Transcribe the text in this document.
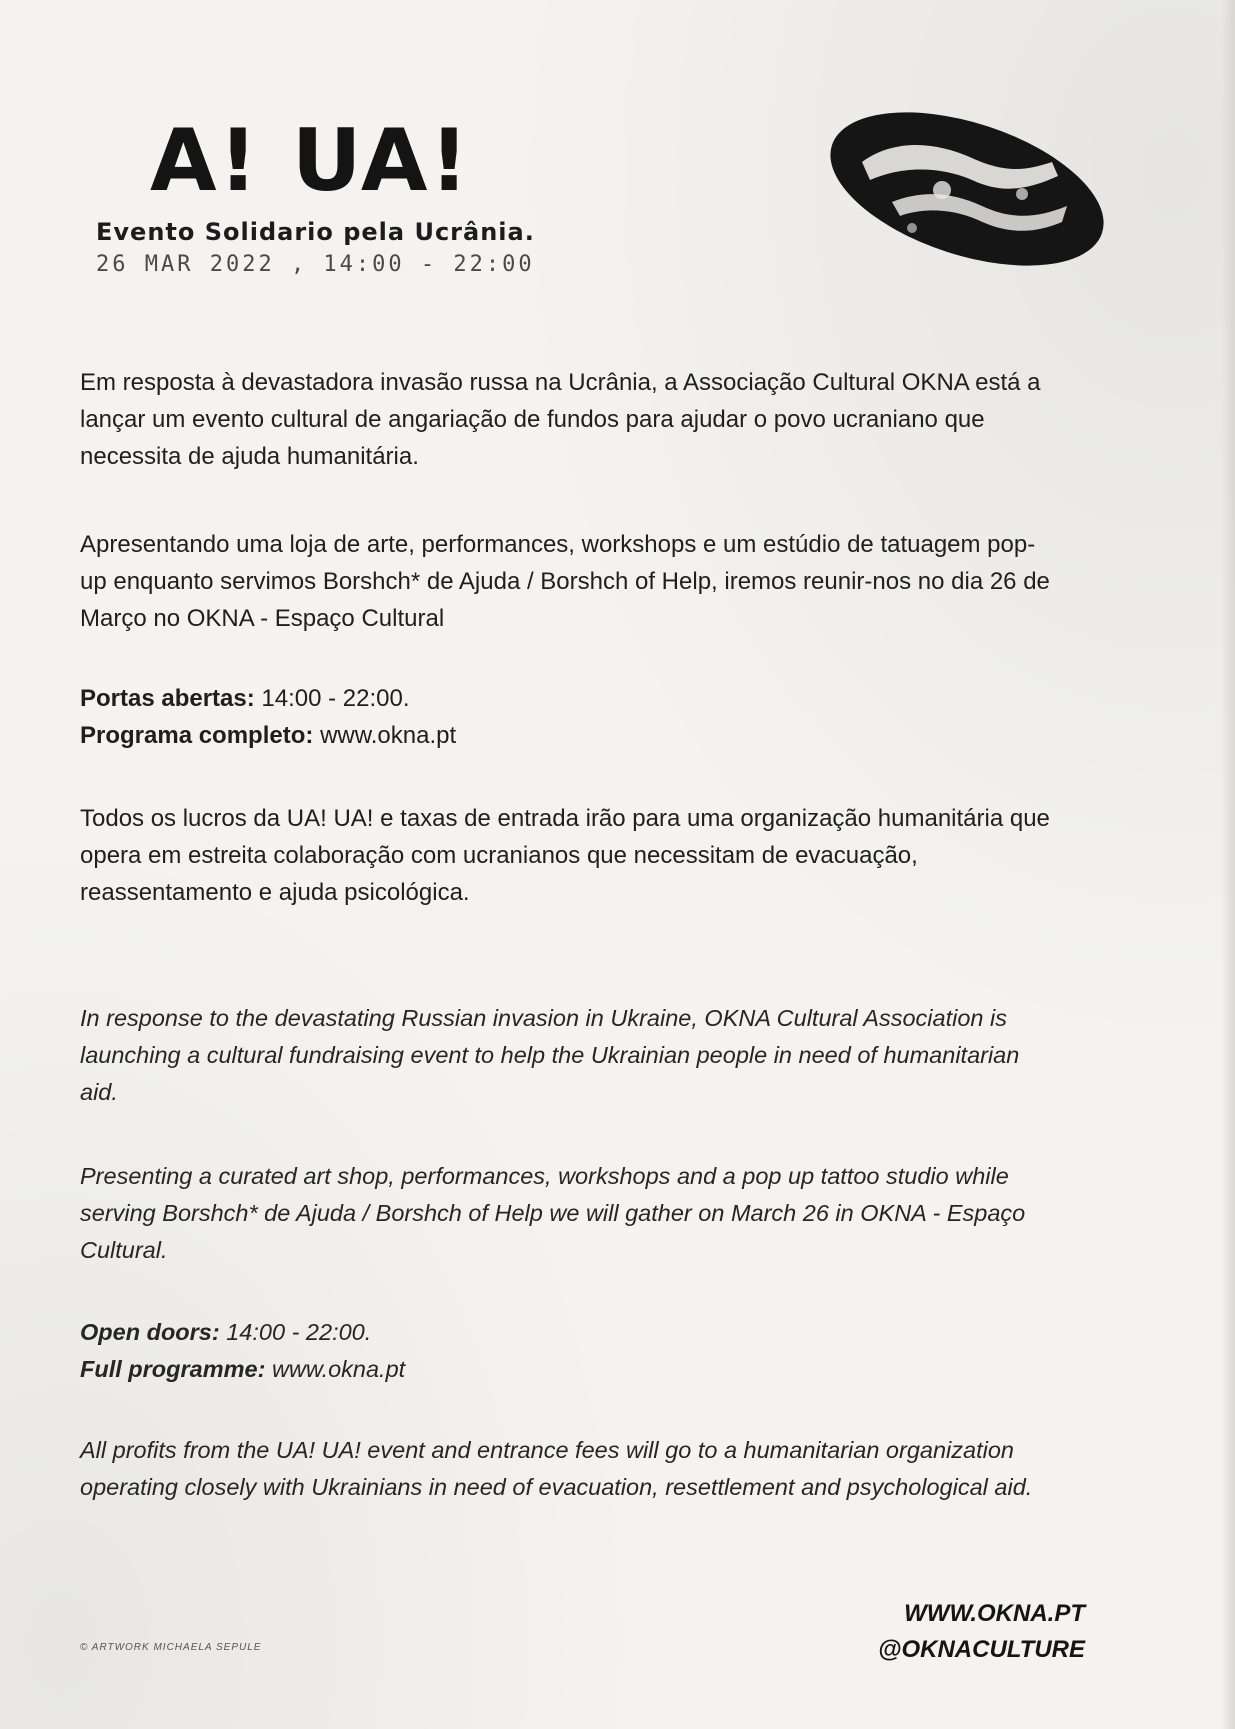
A! UA!
Evento Solidario pela Ucrânia.
26 MAR 2022 , 14:00 - 22:00

Em resposta à devastadora invasão russa na Ucrânia, a Associação Cultural OKNA está a lançar um evento cultural de angariação de fundos para ajudar o povo ucraniano que necessita de ajuda humanitária.

Apresentando uma loja de arte, performances, workshops e um estúdio de tatuagem pop-up enquanto servimos Borshch* de Ajuda / Borshch of Help, iremos reunir-nos no dia 26 de Março no OKNA - Espaço Cultural

Portas abertas: 14:00 - 22:00.

Programa completo: www.okna.pt

Todos os lucros da UA! UA! e taxas de entrada irão para uma organização humanitária que opera em estreita colaboração com ucranianos que necessitam de evacuação, reassentamento e ajuda psicológica.

In response to the devastating Russian invasion in Ukraine, OKNA Cultural Association is launching a cultural fundraising event to help the Ukrainian people in need of humanitarian aid.

Presenting a curated art shop, performances, workshops and a pop up tattoo studio while serving Borshch* de Ajuda / Borshch of Help we will gather on March 26 in OKNA - Espaço Cultural.

Open doors: 14:00 - 22:00.

Full programme: www.okna.pt

All profits from the UA! UA! event and entrance fees will go to a humanitarian organization operating closely with Ukrainians in need of evacuation, resettlement and psychological aid.

© ARTWORK MICHAELA SEPULE
WWW.OKNA.PT
@OKNACULTURE
